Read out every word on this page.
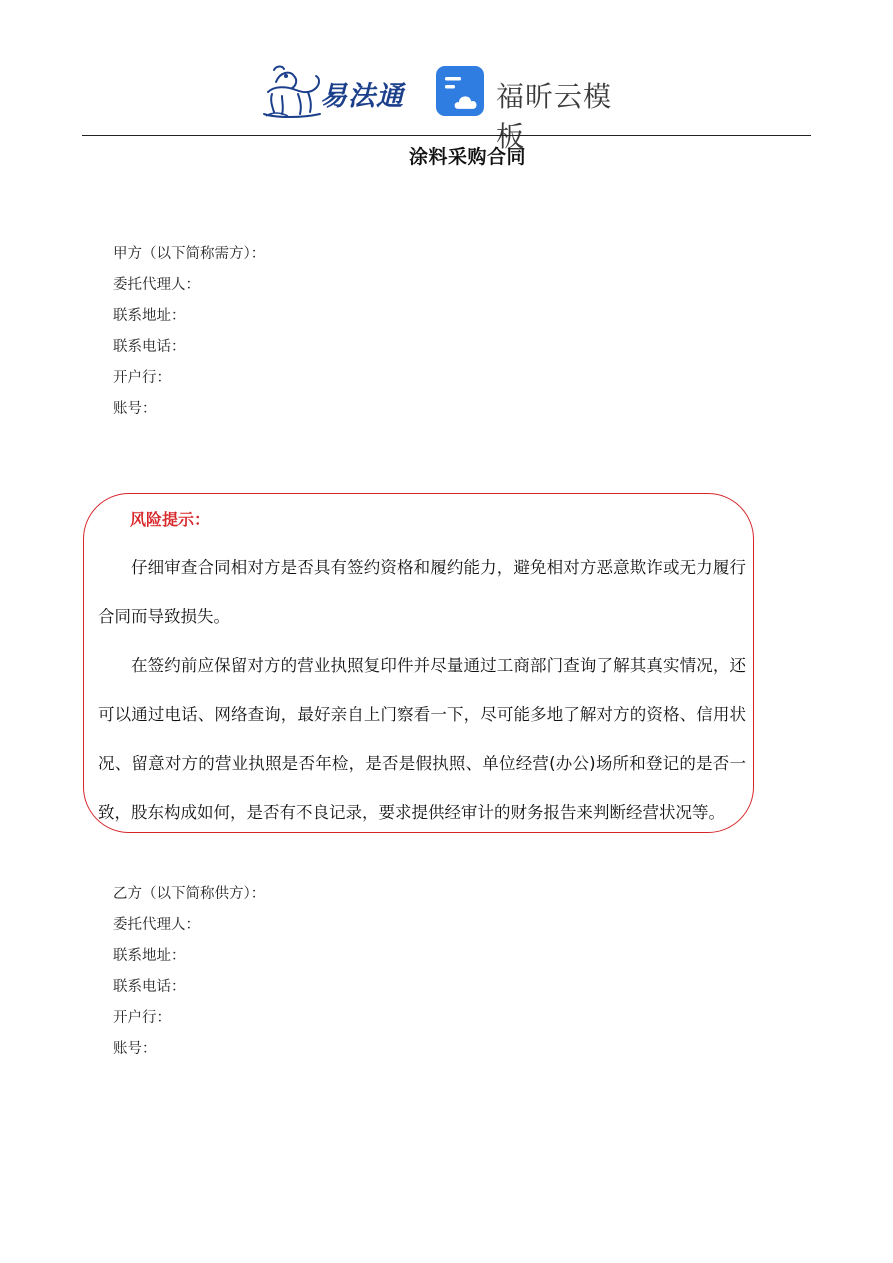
易法通	福昕云模板
涂料采购合同
甲方（以下简称需方）：
委托代理人：
联系地址：
联系电话：
开户行：
账号：
风险提示：

仔细审查合同相对方是否具有签约资格和履约能力，避免相对方恶意欺诈或无力履行合同而导致损失。

在签约前应保留对方的营业执照复印件并尽量通过工商部门查询了解其真实情况，还可以通过电话、网络查询，最好亲自上门察看一下，尽可能多地了解对方的资格、信用状况、留意对方的营业执照是否年检，是否是假执照、单位经营(办公)场所和登记的是否一致，股东构成如何，是否有不良记录，要求提供经审计的财务报告来判断经营状况等。

乙方（以下简称供方）：
委托代理人：
联系地址：
联系电话：
开户行：
账号：
